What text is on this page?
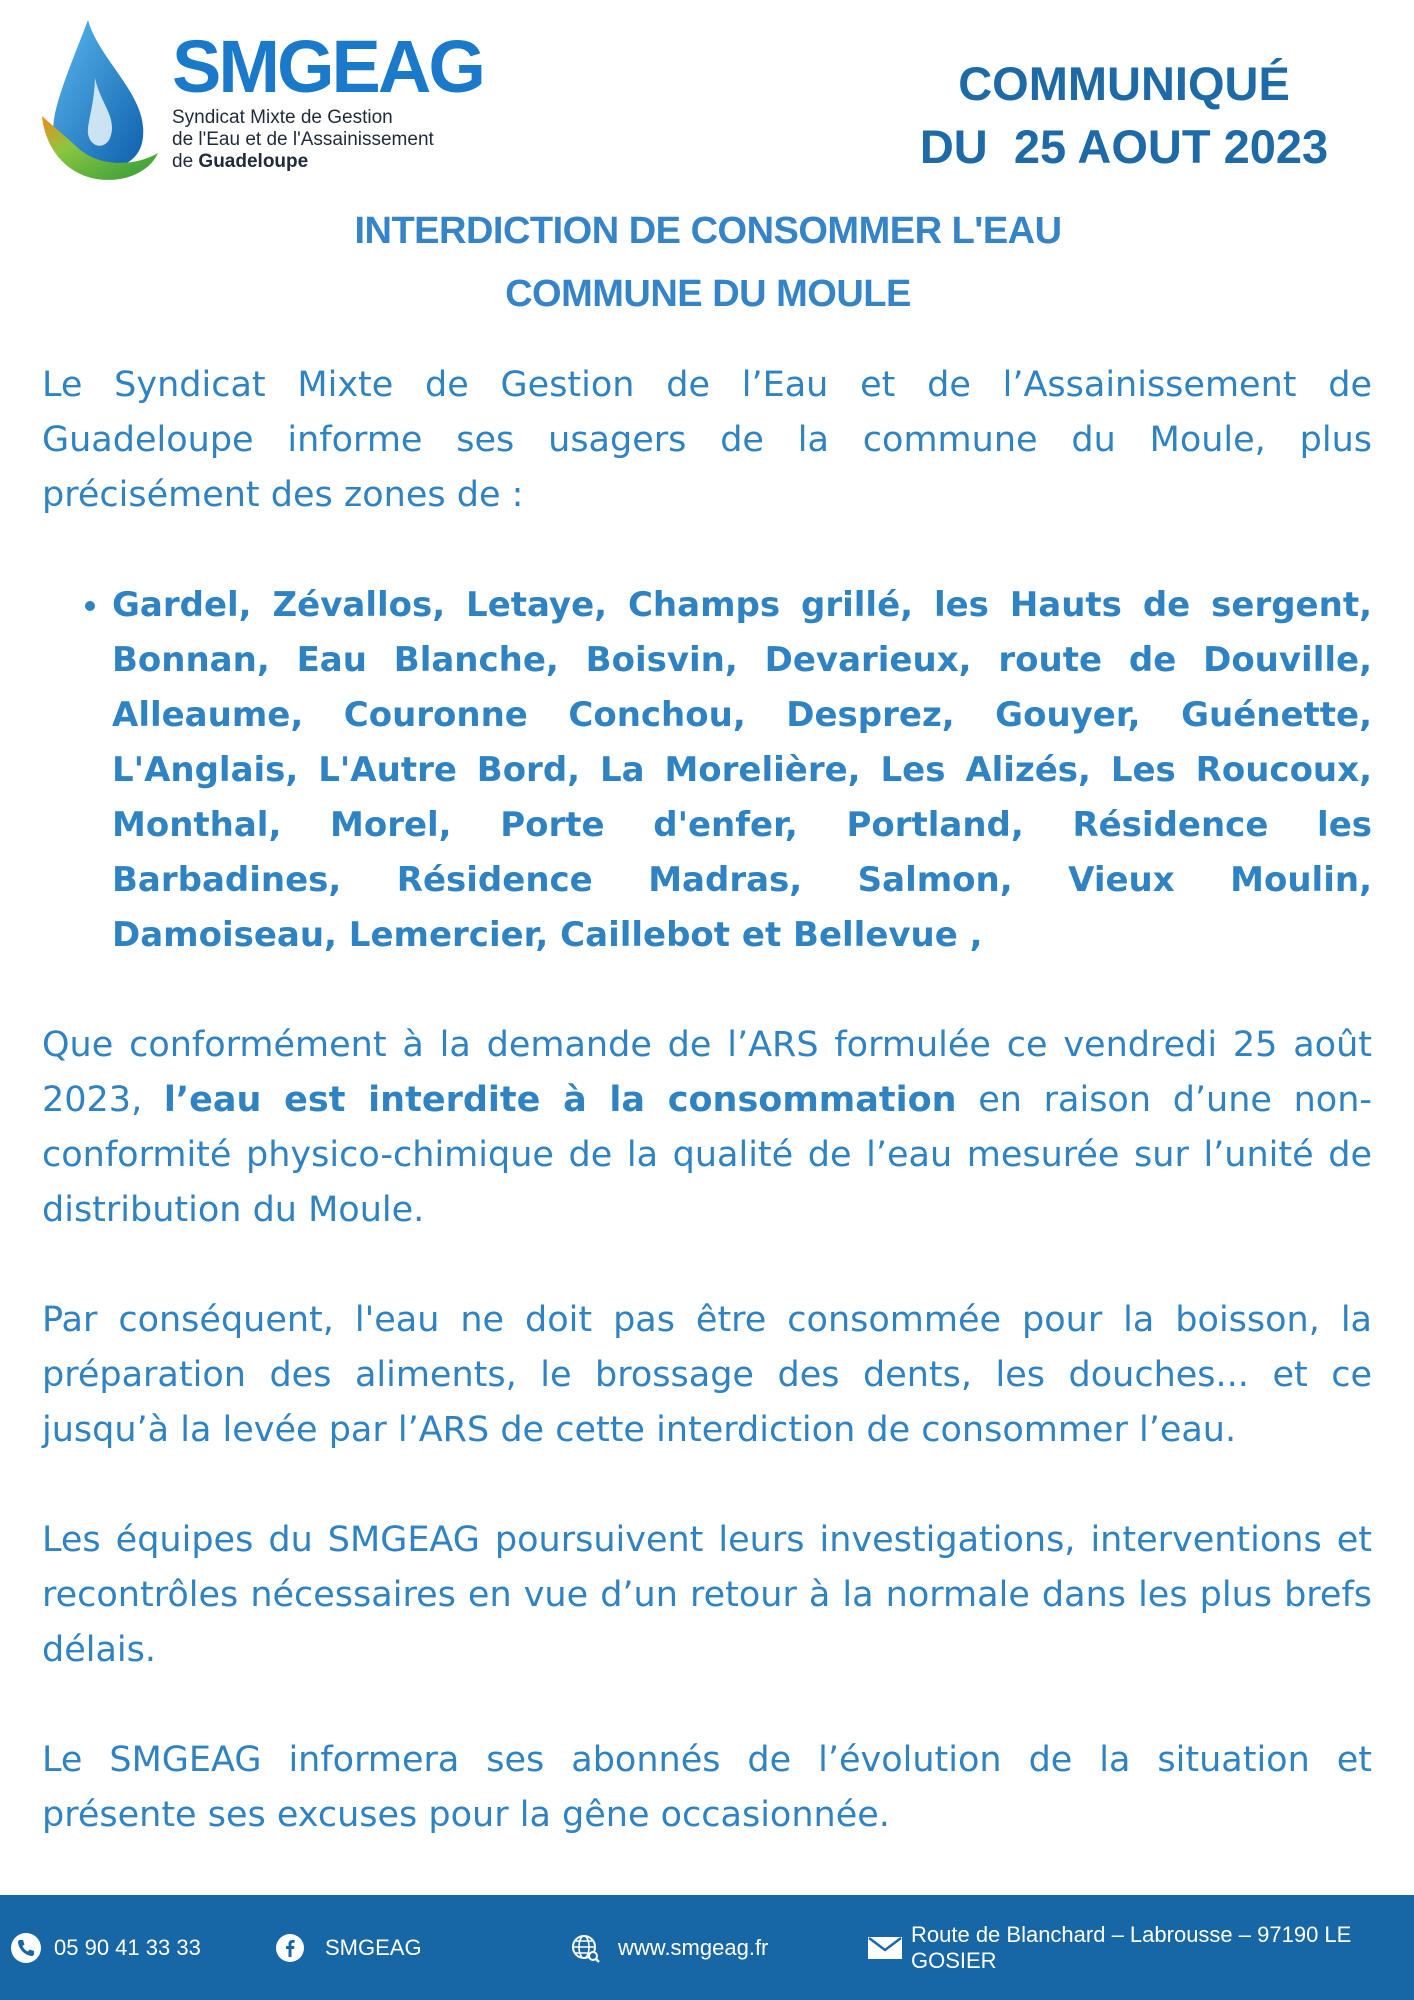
SMGEAG
Syndicat Mixte de Gestion
de l'Eau et de l'Assainissement
de Guadeloupe
COMMUNIQUÉ
DU  25 AOUT 2023
INTERDICTION DE CONSOMMER L'EAU
COMMUNE DU MOULE

Le Syndicat Mixte de Gestion de l’Eau et de l’Assainissement de Guadeloupe informe ses usagers de la commune du Moule, plus précisément des zones de :

• Gardel, Zévallos, Letaye, Champs grillé, les Hauts de sergent, Bonnan, Eau Blanche, Boisvin, Devarieux, route de Douville, Alleaume, Couronne Conchou, Desprez, Gouyer, Guénette, L'Anglais, L'Autre Bord, La Morelière, Les Alizés, Les Roucoux, Monthal, Morel, Porte d'enfer, Portland, Résidence les Barbadines, Résidence Madras, Salmon, Vieux Moulin, Damoiseau, Lemercier, Caillebot et Bellevue ,

Que conformément à la demande de l’ARS formulée ce vendredi 25 août 2023, l’eau est interdite à la consommation en raison d’une non-conformité physico-chimique de la qualité de l’eau mesurée sur l’unité de distribution du Moule.

Par conséquent, l'eau ne doit pas être consommée pour la boisson, la préparation des aliments, le brossage des dents, les douches... et ce jusqu’à la levée par l’ARS de cette interdiction de consommer l’eau.

Les équipes du SMGEAG poursuivent leurs investigations, interventions et recontrôles nécessaires en vue d’un retour à la normale dans les plus brefs délais.

Le SMGEAG informera ses abonnés de l’évolution de la situation et présente ses excuses pour la gêne occasionnée.

05 90 41 33 33	SMGEAG	www.smgeag.fr
Route de Blanchard – Labrousse – 97190 LE GOSIER
